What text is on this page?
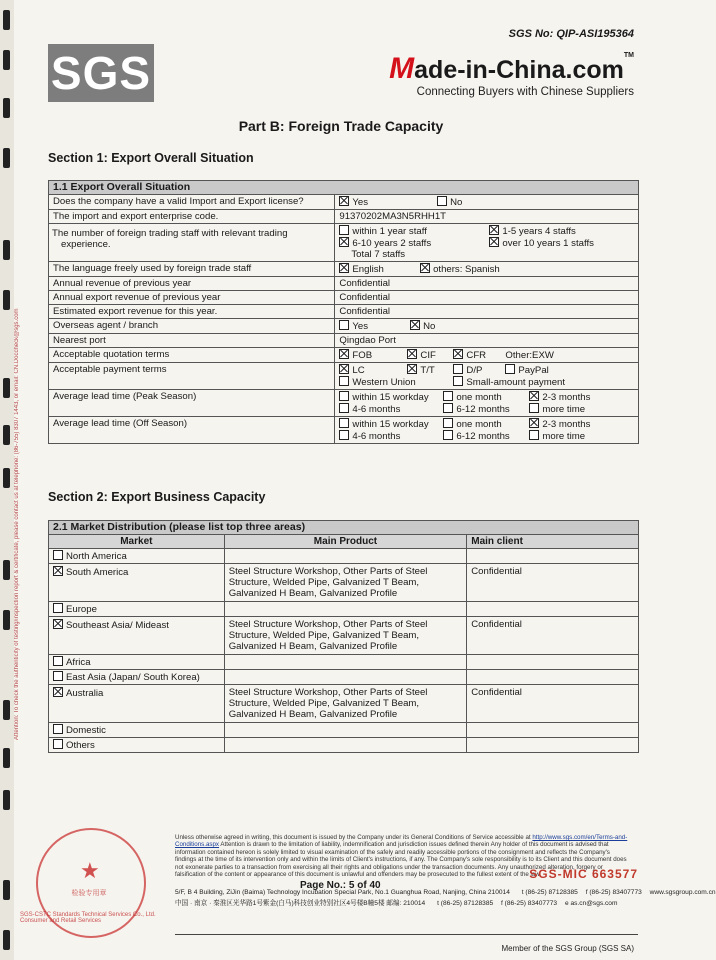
Attention: To check the authenticity of testing/inspection report & certificate, please contact us at telephone: (86-755) 8307 1443, or email: CN.Doccheck@sgs.com
SGS
SGS No: QIP-ASI195364
Made-in-China.com™
Connecting Buyers with Chinese Suppliers
Part B: Foreign Trade Capacity
Section 1: Export Overall Situation
1.1 Export Overall Situation	
Does the company have a valid Import and Export license?	Yes No
The import and export enterprise code.	91370202MA3N5RHH1T
The number of foreign trading staff with relevant trading experience.	within 1 year staff 1-5 years 4 staffs
6-10 years 2 staffs over 10 years 1 staffs
Total 7 staffs
The language freely used by foreign trade staff	English others: Spanish
Annual revenue of previous year	Confidential
Annual export revenue of previous year	Confidential
Estimated export revenue for this year.	Confidential
Overseas agent / branch	Yes No
Nearest port	Qingdao Port
Acceptable quotation terms	FOB CIF CFR Other:EXW
Acceptable payment terms	LC T/T D/P PayPal
Western Union Small-amount payment
Average lead time (Peak Season)	within 15 workday one month 2-3 months
4-6 months 6-12 months more time
Average lead time (Off Season)	within 15 workday one month 2-3 months
4-6 months 6-12 months more time
Section 2: Export Business Capacity
2.1 Market Distribution (please list top three areas)		
Market	Main Product	Main client
North America		
South America	Steel Structure Workshop, Other Parts of Steel Structure, Welded Pipe, Galvanized T Beam, Galvanized H Beam, Galvanized Profile	Confidential
Europe		
Southeast Asia/ Mideast	Steel Structure Workshop, Other Parts of Steel Structure, Welded Pipe, Galvanized T Beam, Galvanized H Beam, Galvanized Profile	Confidential
Africa		
East Asia (Japan/ South Korea)		
Australia	Steel Structure Workshop, Other Parts of Steel Structure, Welded Pipe, Galvanized T Beam, Galvanized H Beam, Galvanized Profile	Confidential
Domestic		
Others		
★
检验专用章
SGS-CSTC Standards Technical Services Co., Ltd. Consumer and Retail Services
Unless otherwise agreed in writing, this document is issued by the Company under its General Conditions of Service accessible at http://www.sgs.com/en/Terms-and-Conditions.aspx Attention is drawn to the limitation of liability, indemnification and jurisdiction issues defined therein Any holder of this document is advised that information contained hereon is solely limited to visual examination of the safely and readily accessible portions of the consignment and reflects the Company's findings at the time of its intervention only and within the limits of Client's instructions, if any. The Company's sole responsibility is to its Client and this document does not exonerate parties to a transaction from exercising all their rights and obligations under the transaction documents. Any unauthorized alteration, forgery or falsification of the content or appearance of this document is unlawful and offenders may be prosecuted to the fullest extent of the law.
Page No.: 5 of 40
SGS-MIC 663577
5/F, B 4 Building, ZiJin (Baima) Technology Incubation Special Park, No.1 Guanghua Road, Nanjing, China 210014 t (86-25) 87128385 f (86-25) 83407773 www.sgsgroup.com.cn
中国 · 南京 · 秦淮区光华路1号紫金(白马)科技创业特别社区4号楼B幢5楼 邮编: 210014 t (86-25) 87128385 f (86-25) 83407773 e as.cn@sgs.com
Member of the SGS Group (SGS SA)
